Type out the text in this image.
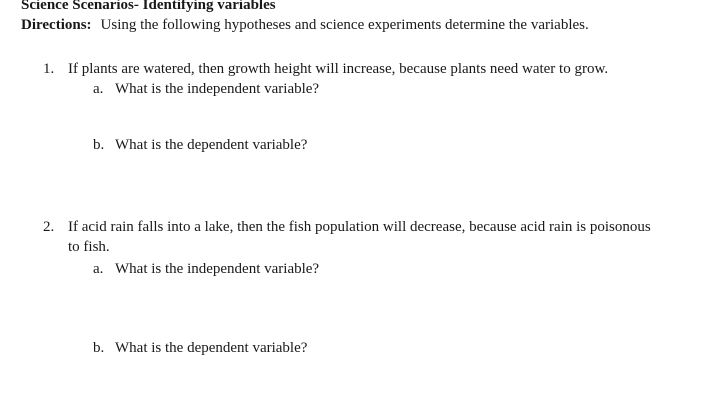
Science Scenarios- Identifying variables
Directions: Using the following hypotheses and science experiments determine the variables.
1. If plants are watered, then growth height will increase, because plants need water to grow.
a. What is the independent variable?
b. What is the dependent variable?
2. If acid rain falls into a lake, then the fish population will decrease, because acid rain is poisonous to fish.
a. What is the independent variable?
b. What is the dependent variable?
